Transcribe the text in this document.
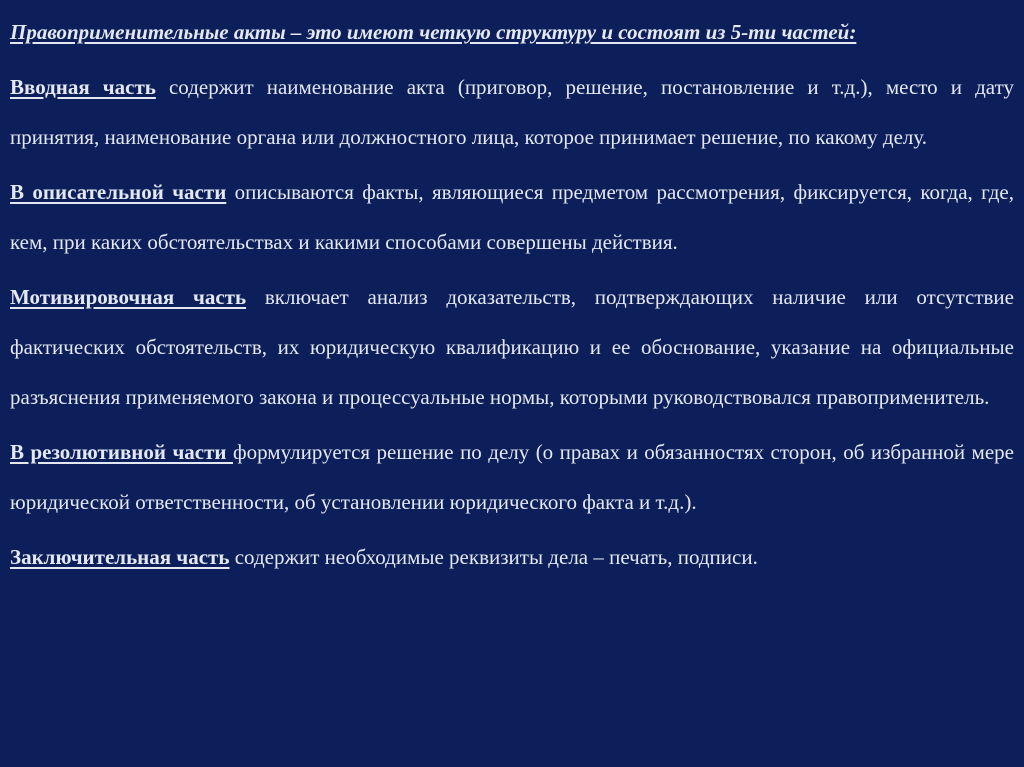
Правоприменительные акты – это имеют четкую структуру и состоят из 5-ти частей:

Вводная часть содержит наименование акта (приговор, решение, постановление и т.д.), место и дату принятия, наименование органа или должностного лица, которое принимает решение, по какому делу.

В описательной части описываются факты, являющиеся предметом рассмотрения, фиксируется, когда, где, кем, при каких обстоятельствах и какими способами совершены действия.

Мотивировочная часть включает анализ доказательств, подтверждающих наличие или отсутствие фактических обстоятельств, их юридическую квалификацию и ее обоснование, указание на официальные разъяснения применяемого закона и процессуальные нормы, которыми руководствовался правоприменитель.

В резолютивной части формулируется решение по делу (о правах и обязанностях сторон, об избранной мере юридической ответственности, об установлении юридического факта и т.д.).

Заключительная часть содержит необходимые реквизиты дела – печать, подписи.
